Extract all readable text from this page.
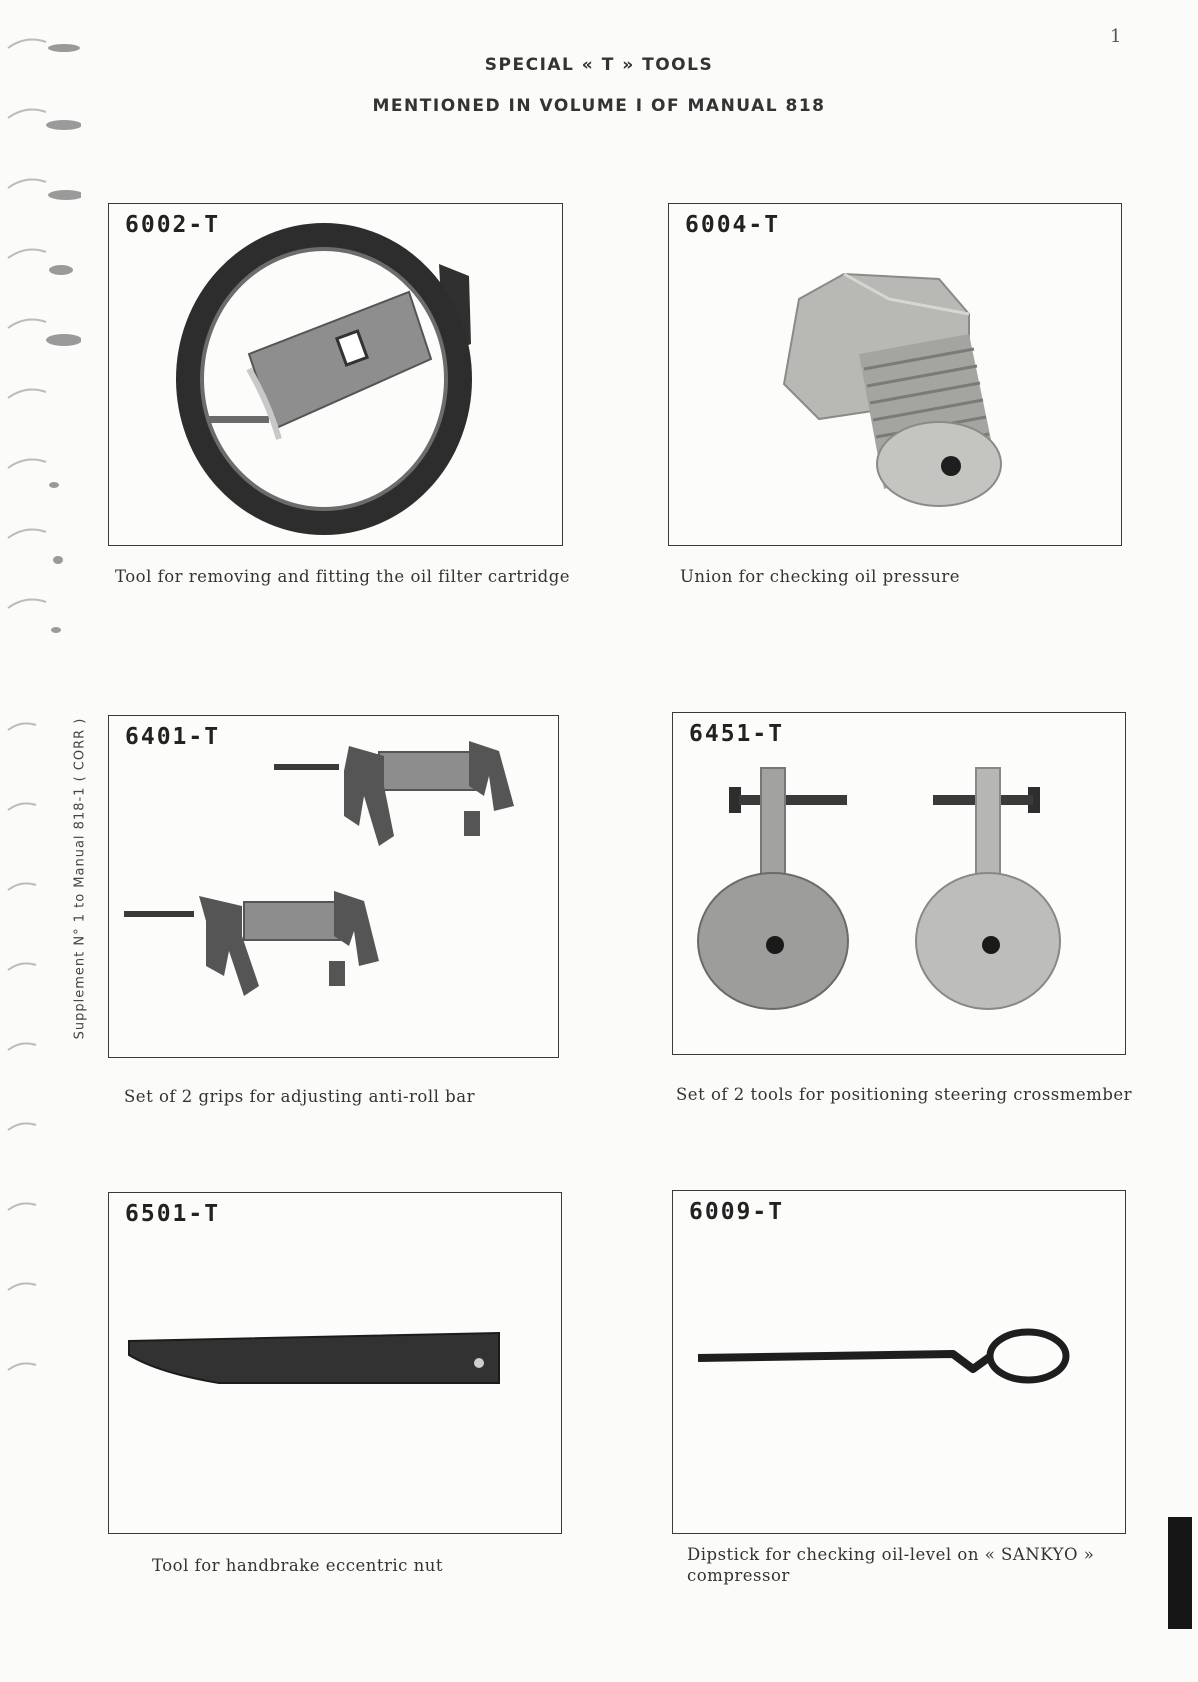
1
SPECIAL « T » TOOLS
MENTIONED IN VOLUME I OF MANUAL 818
Supplement N° 1 to Manual 818-1 ( CORR )
6002-T
Tool for removing and fitting the oil filter cartridge
6004-T
Union for checking oil pressure
6401-T
Set of 2 grips for adjusting anti-roll bar
6451-T
Set of 2 tools for positioning steering crossmember
6501-T
Tool for handbrake eccentric nut
6009-T
Dipstick for checking oil-level on « SANKYO » compressor
